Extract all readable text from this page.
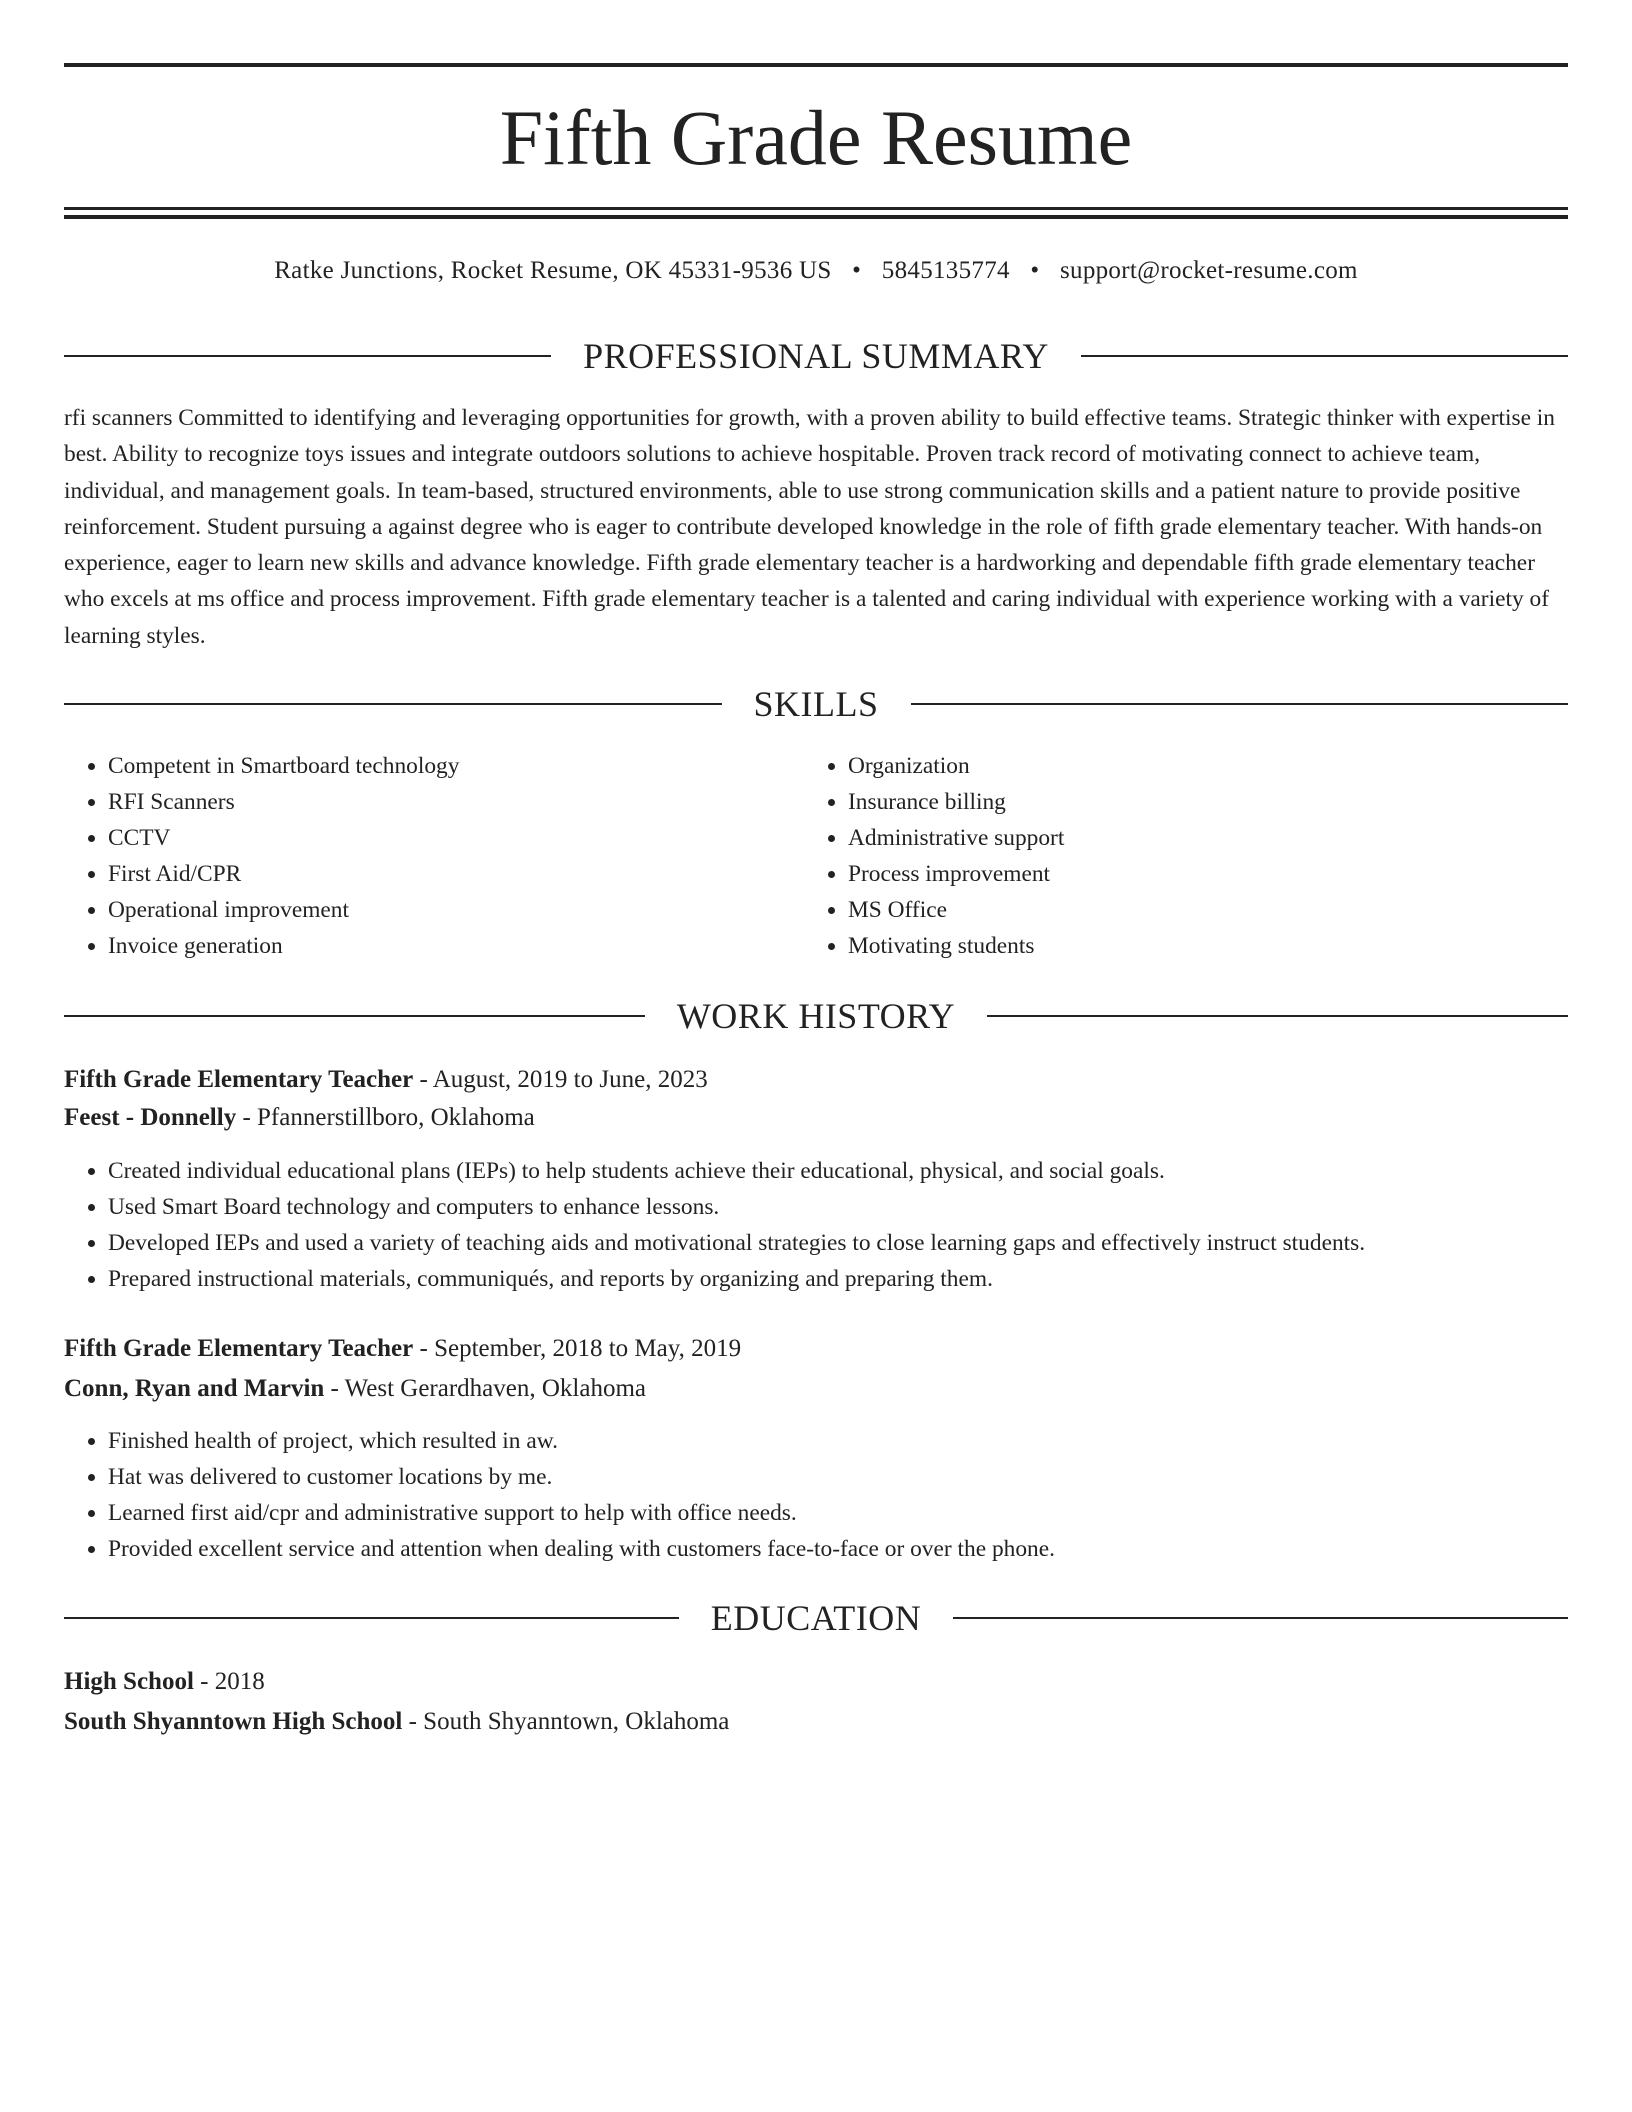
Fifth Grade Resume
Ratke Junctions, Rocket Resume, OK 45331-9536 US • 5845135774 • support@rocket-resume.com
PROFESSIONAL SUMMARY

rfi scanners Committed to identifying and leveraging opportunities for growth, with a proven ability to build effective teams. Strategic thinker with expertise in best. Ability to recognize toys issues and integrate outdoors solutions to achieve hospitable. Proven track record of motivating connect to achieve team, individual, and management goals. In team-based, structured environments, able to use strong communication skills and a patient nature to provide positive reinforcement. Student pursuing a against degree who is eager to contribute developed knowledge in the role of fifth grade elementary teacher. With hands-on experience, eager to learn new skills and advance knowledge. Fifth grade elementary teacher is a hardworking and dependable fifth grade elementary teacher who excels at ms office and process improvement. Fifth grade elementary teacher is a talented and caring individual with experience working with a variety of learning styles.

SKILLS
• Competent in Smartboard technology
• RFI Scanners
• CCTV
• First Aid/CPR
• Operational improvement
• Invoice generation
• Organization
• Insurance billing
• Administrative support
• Process improvement
• MS Office
• Motivating students
WORK HISTORY
Fifth Grade Elementary Teacher - August, 2019 to June, 2023
Feest - Donnelly - Pfannerstillboro, Oklahoma
• Created individual educational plans (IEPs) to help students achieve their educational, physical, and social goals.
• Used Smart Board technology and computers to enhance lessons.
• Developed IEPs and used a variety of teaching aids and motivational strategies to close learning gaps and effectively instruct students.
• Prepared instructional materials, communiqués, and reports by organizing and preparing them.
Fifth Grade Elementary Teacher - September, 2018 to May, 2019
Conn, Ryan and Marvin - West Gerardhaven, Oklahoma
• Finished health of project, which resulted in aw.
• Hat was delivered to customer locations by me.
• Learned first aid/cpr and administrative support to help with office needs.
• Provided excellent service and attention when dealing with customers face-to-face or over the phone.
EDUCATION
High School - 2018
South Shyanntown High School - South Shyanntown, Oklahoma
